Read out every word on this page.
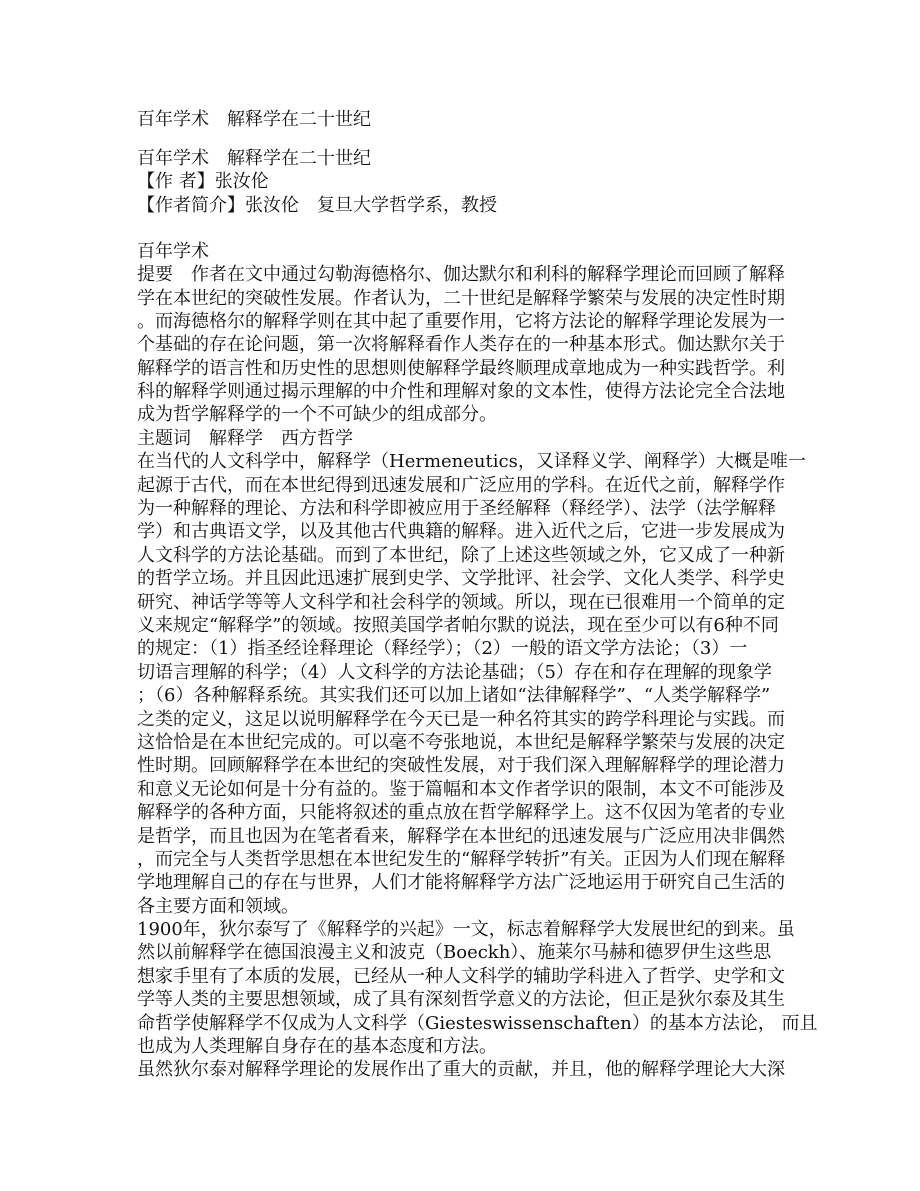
百年学术　解释学在二十世纪
百年学术　解释学在二十世纪
【作 者】张汝伦
【作者简介】张汝伦　复旦大学哲学系，教授
百年学术
提要　作者在文中通过勾勒海德格尔、伽达默尔和利科的解释学理论而回顾了解释
学在本世纪的突破性发展。作者认为，二十世纪是解释学繁荣与发展的决定性时期
。而海德格尔的解释学则在其中起了重要作用，它将方法论的解释学理论发展为一
个基础的存在论问题，第一次将解释看作人类存在的一种基本形式。伽达默尔关于
解释学的语言性和历史性的思想则使解释学最终顺理成章地成为一种实践哲学。利
科的解释学则通过揭示理解的中介性和理解对象的文本性，使得方法论完全合法地
成为哲学解释学的一个不可缺少的组成部分。
主题词　解释学　西方哲学
在当代的人文科学中，解释学（Hermeneutics，又译释义学、阐释学）大概是唯一
起源于古代，而在本世纪得到迅速发展和广泛应用的学科。在近代之前，解释学作
为一种解释的理论、方法和科学即被应用于圣经解释（释经学）、法学（法学解释
学）和古典语文学，以及其他古代典籍的解释。进入近代之后，它进一步发展成为
人文科学的方法论基础。而到了本世纪，除了上述这些领域之外，它又成了一种新
的哲学立场。并且因此迅速扩展到史学、文学批评、社会学、文化人类学、科学史
研究、神话学等等人文科学和社会科学的领域。所以，现在已很难用一个简单的定
义来规定“解释学”的领域。按照美国学者帕尔默的说法，现在至少可以有6种不同
的规定：（1）指圣经诠释理论（释经学）；（2）一般的语文学方法论；（3）一
切语言理解的科学；（4）人文科学的方法论基础；（5）存在和存在理解的现象学
；（6）各种解释系统。其实我们还可以加上诸如“法律解释学”、“人类学解释学”
之类的定义，这足以说明解释学在今天已是一种名符其实的跨学科理论与实践。而
这恰恰是在本世纪完成的。可以毫不夸张地说，本世纪是解释学繁荣与发展的决定
性时期。回顾解释学在本世纪的突破性发展，对于我们深入理解解释学的理论潜力
和意义无论如何是十分有益的。鉴于篇幅和本文作者学识的限制，本文不可能涉及
解释学的各种方面，只能将叙述的重点放在哲学解释学上。这不仅因为笔者的专业
是哲学，而且也因为在笔者看来，解释学在本世纪的迅速发展与广泛应用决非偶然
，而完全与人类哲学思想在本世纪发生的“解释学转折”有关。正因为人们现在解释
学地理解自己的存在与世界，人们才能将解释学方法广泛地运用于研究自己生活的
各主要方面和领域。
1900年，狄尔泰写了《解释学的兴起》一文，标志着解释学大发展世纪的到来。虽
然以前解释学在德国浪漫主义和波克（Boeckh）、施莱尔马赫和德罗伊生这些思
想家手里有了本质的发展，已经从一种人文科学的辅助学科进入了哲学、史学和文
学等人类的主要思想领域，成了具有深刻哲学意义的方法论，但正是狄尔泰及其生
命哲学使解释学不仅成为人文科学（Giesteswissenschaften）的基本方法论， 而且
也成为人类理解自身存在的基本态度和方法。
虽然狄尔泰对解释学理论的发展作出了重大的贡献，并且，他的解释学理论大大深
